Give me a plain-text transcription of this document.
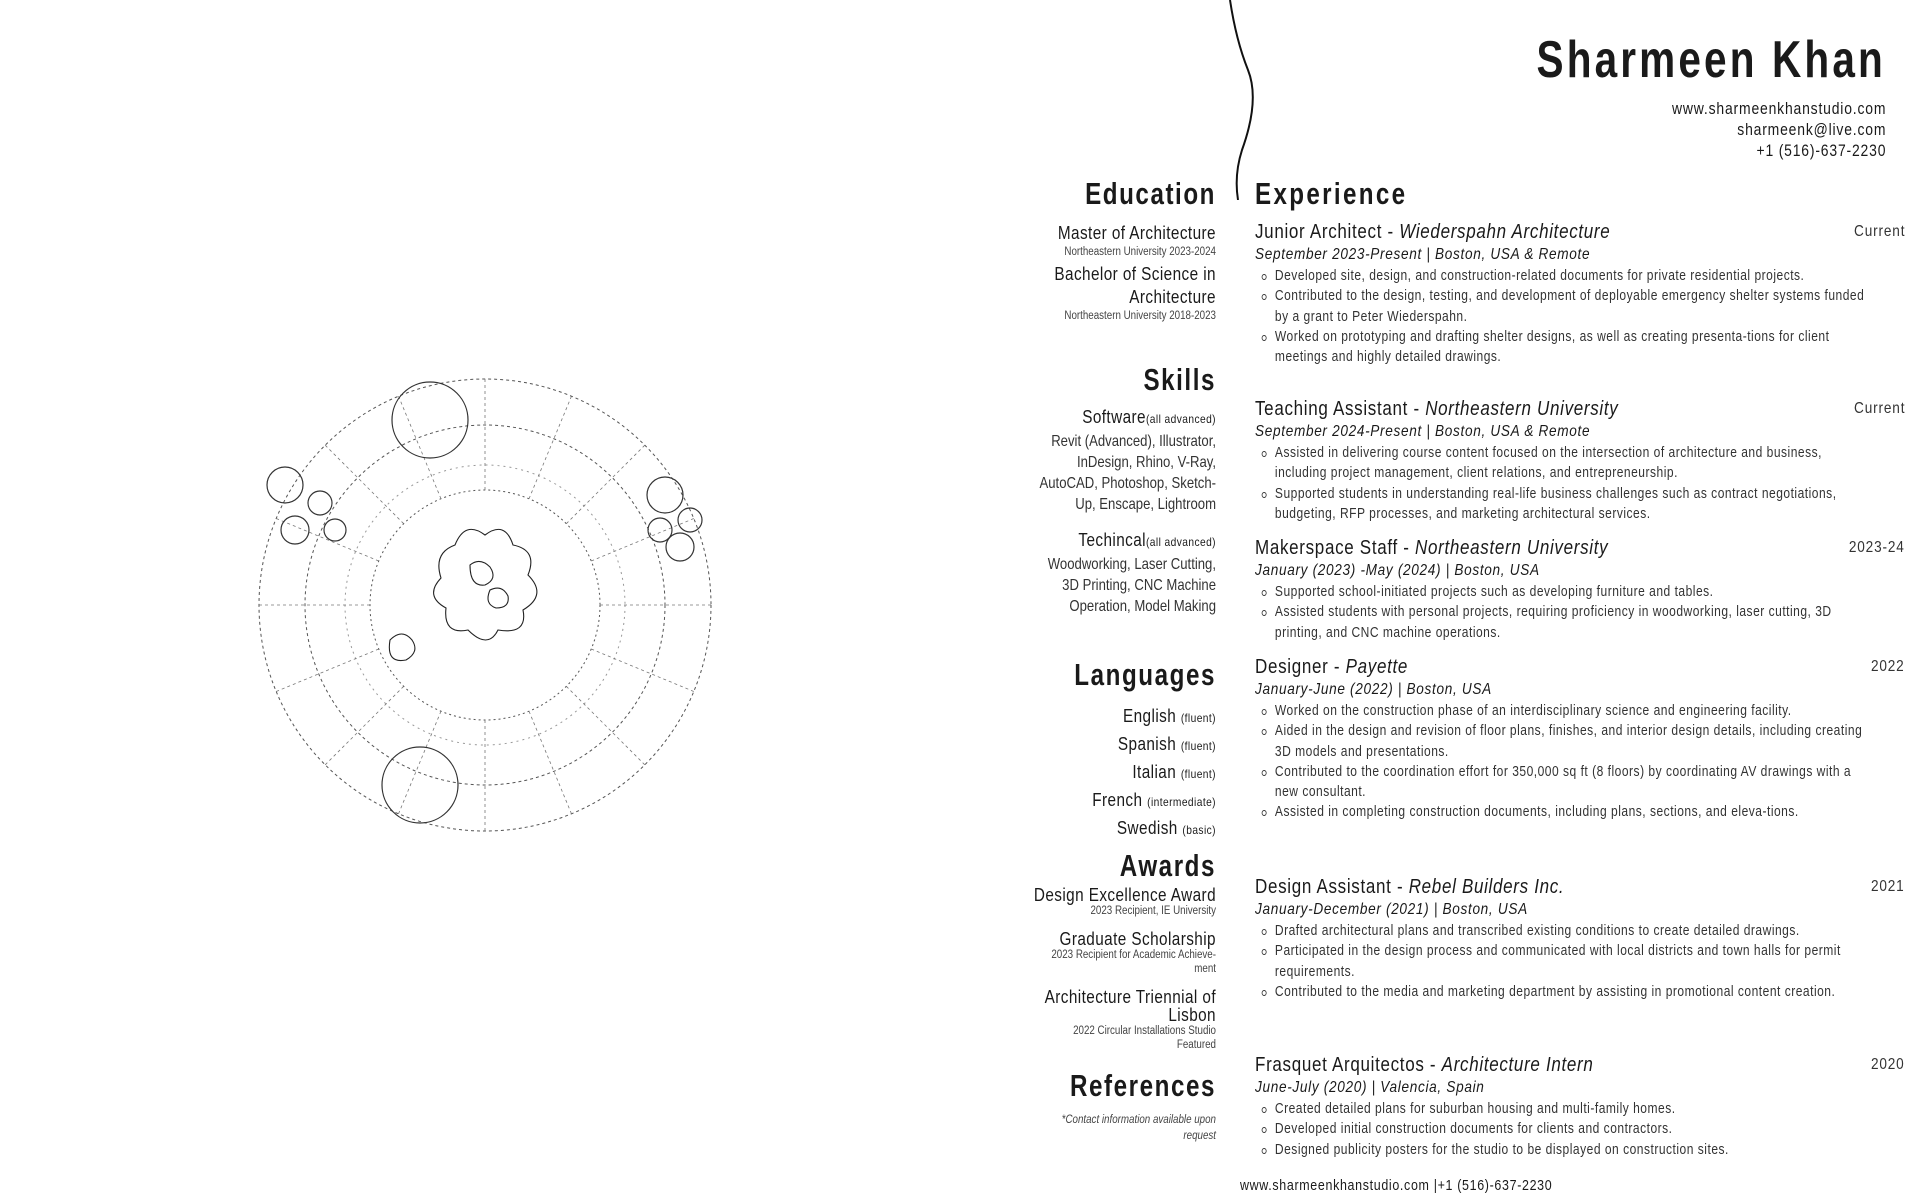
Sharmeen Khan
www.sharmeenkhanstudio.com
sharmeenk@live.com
+1 (516)-637-2230
Education
Master of Architecture
Northeastern University 2023-2024
Bachelor of Science in
Architecture
Northeastern University 2018-2023
Skills
Software(all advanced)
Revit (Advanced), Illustrator,
InDesign, Rhino, V-Ray,
AutoCAD, Photoshop, Sketch-
Up, Enscape, Lightroom
Techincal(all advanced)
Woodworking, Laser Cutting,
3D Printing, CNC Machine
Operation, Model Making
Languages
English (fluent)
Spanish (fluent)
Italian (fluent)
French (intermediate)
Swedish (basic)
Awards
Design Excellence Award
2023 Recipient, IE University
Graduate Scholarship
2023 Recipient for Academic Achieve-
ment
Architecture Triennial of
Lisbon
2022 Circular Installations Studio
Featured
References
*Contact information available upon
request
Experience
Junior Architect - Wiederspahn Architecture	Current
September 2023-Present | Boston, USA & Remote
Developed site, design, and construction-related documents for private residential projects.
Contributed to the design, testing, and development of deployable emergency shelter systems funded by a grant to Peter Wiederspahn.
Worked on prototyping and drafting shelter designs, as well as creating presenta-tions for client meetings and highly detailed drawings.
Teaching Assistant - Northeastern University	Current
September 2024-Present | Boston, USA & Remote
Assisted in delivering course content focused on the intersection of architecture and business, including project management, client relations, and entrepreneurship.
Supported students in understanding real-life business challenges such as contract negotiations, budgeting, RFP processes, and marketing architectural services.
Makerspace Staff - Northeastern University	2023-24
January (2023) -May (2024) | Boston, USA
Supported school-initiated projects such as developing furniture and tables.
Assisted students with personal projects, requiring proficiency in woodworking, laser cutting, 3D printing, and CNC machine operations.
Designer - Payette	2022
January-June (2022) | Boston, USA
Worked on the construction phase of an interdisciplinary science and engineering facility.
Aided in the design and revision of floor plans, finishes, and interior design details, including creating 3D models and presentations.
Contributed to the coordination effort for 350,000 sq ft (8 floors) by coordinating AV drawings with a new consultant.
Assisted in completing construction documents, including plans, sections, and eleva-tions.
Design Assistant - Rebel Builders Inc.	2021
January-December (2021) | Boston, USA
Drafted architectural plans and transcribed existing conditions to create detailed drawings.
Participated in the design process and communicated with local districts and town halls for permit requirements.
Contributed to the media and marketing department by assisting in promotional content creation.
Frasquet Arquitectos - Architecture Intern	2020
June-July (2020) | Valencia, Spain
Created detailed plans for suburban housing and multi-family homes.
Developed initial construction documents for clients and contractors.
Designed publicity posters for the studio to be displayed on construction sites.
www.sharmeenkhanstudio.com |+1 (516)-637-2230
